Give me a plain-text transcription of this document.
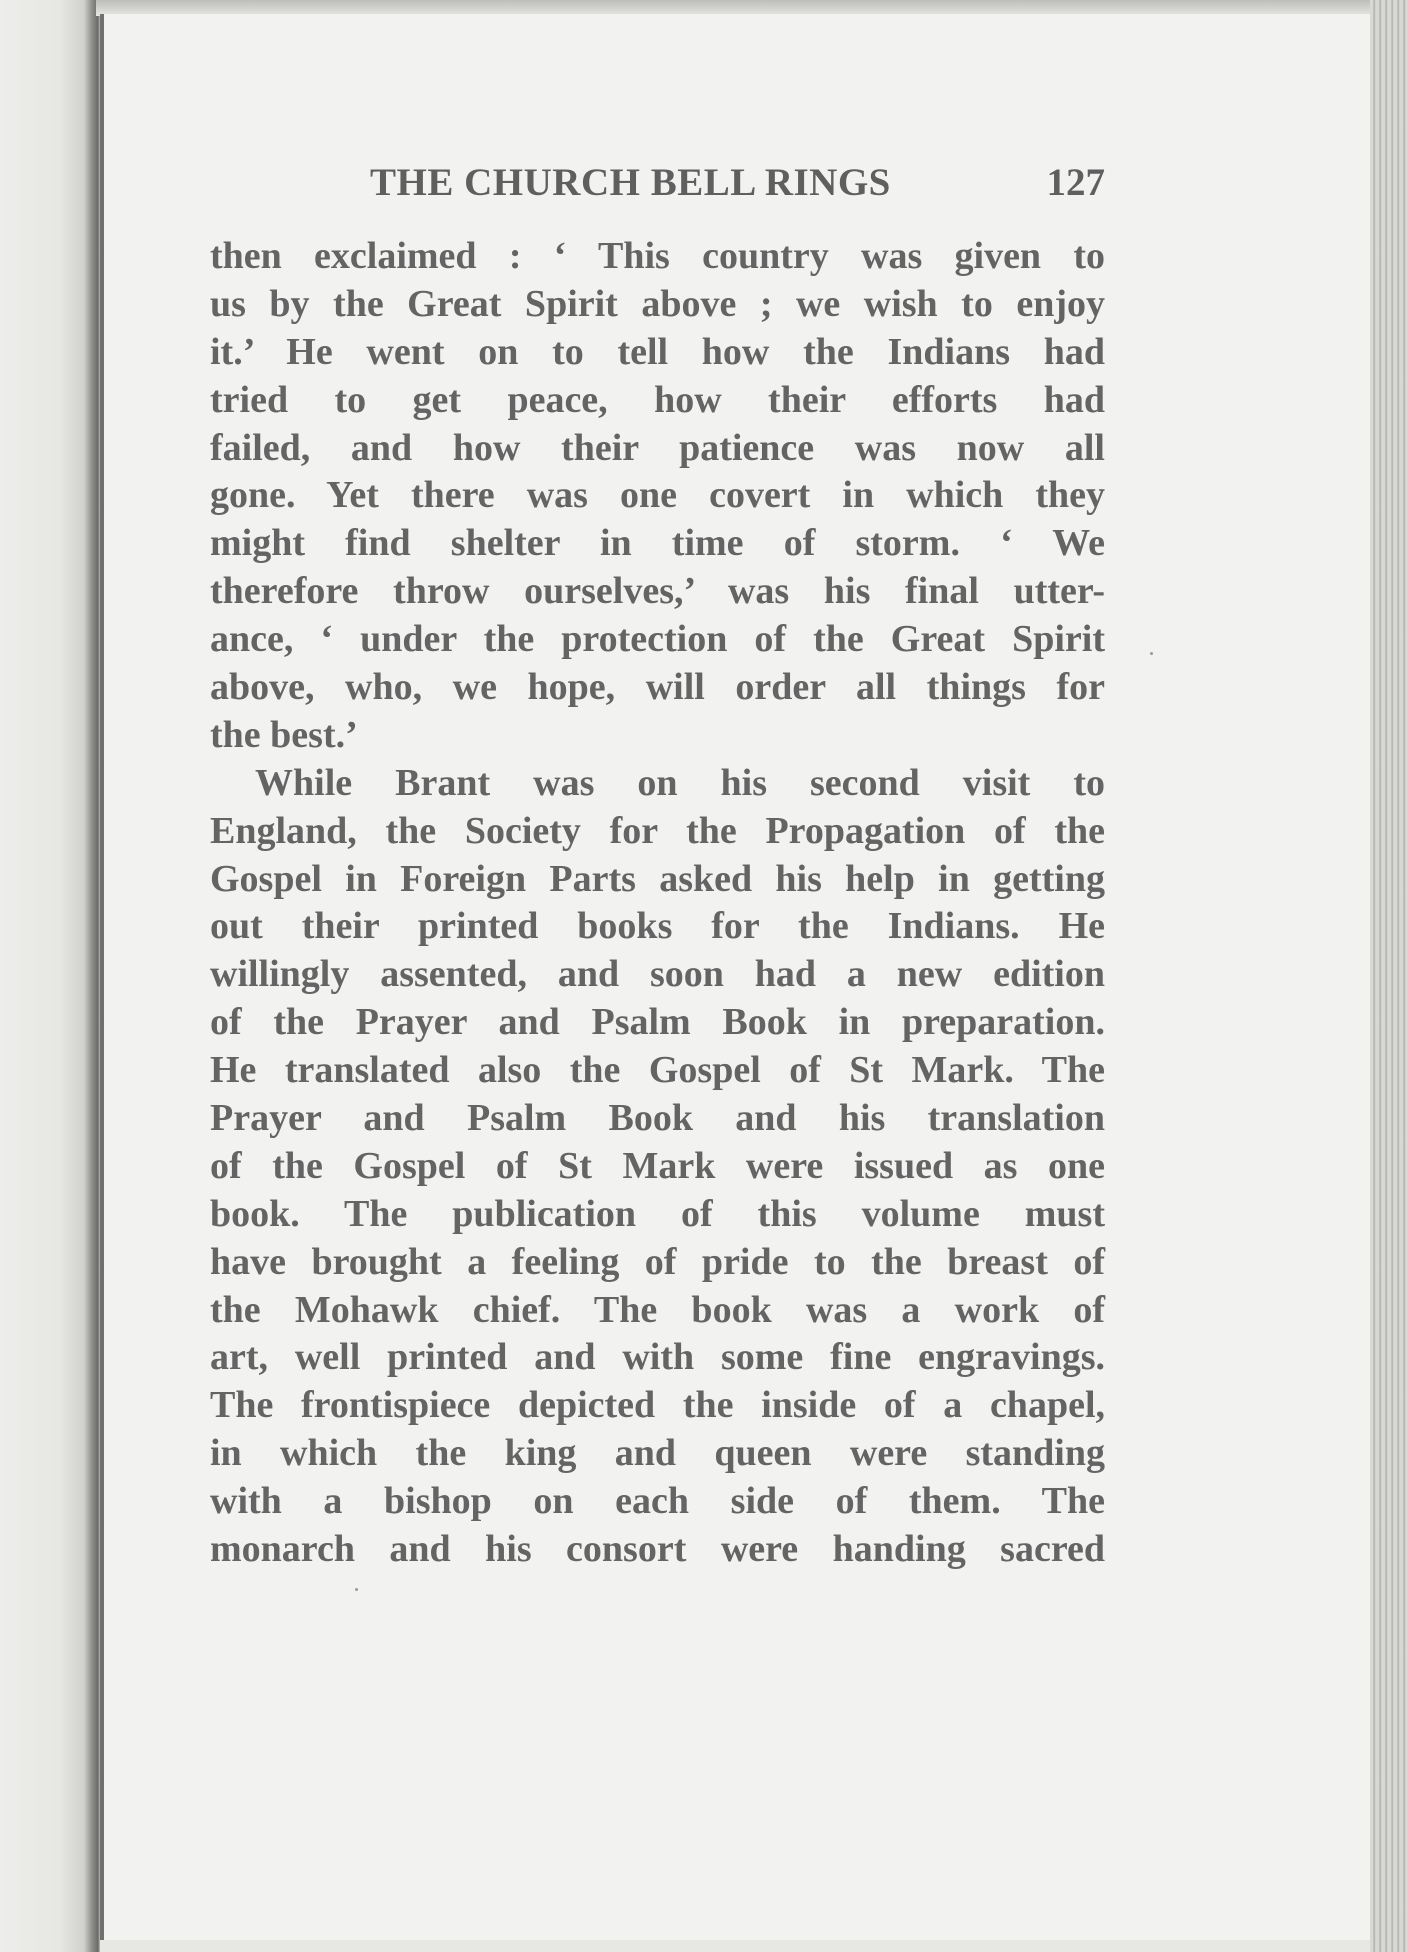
THE CHURCH BELL RINGS	127
then exclaimed : ‘ This country was given to
us by the Great Spirit above ; we wish to enjoy
it.’ He went on to tell how the Indians had
tried to get peace, how their efforts had
failed, and how their patience was now all
gone. Yet there was one covert in which they
might find shelter in time of storm. ‘ We
therefore throw ourselves,’ was his final utter-
ance, ‘ under the protection of the Great Spirit
above, who, we hope, will order all things for
the best.’
While Brant was on his second visit to
England, the Society for the Propagation of the
Gospel in Foreign Parts asked his help in getting
out their printed books for the Indians. He
willingly assented, and soon had a new edition
of the Prayer and Psalm Book in preparation.
He translated also the Gospel of St Mark. The
Prayer and Psalm Book and his translation
of the Gospel of St Mark were issued as one
book. The publication of this volume must
have brought a feeling of pride to the breast of
the Mohawk chief. The book was a work of
art, well printed and with some fine engravings.
The frontispiece depicted the inside of a chapel,
in which the king and queen were standing
with a bishop on each side of them. The
monarch and his consort were handing sacred
